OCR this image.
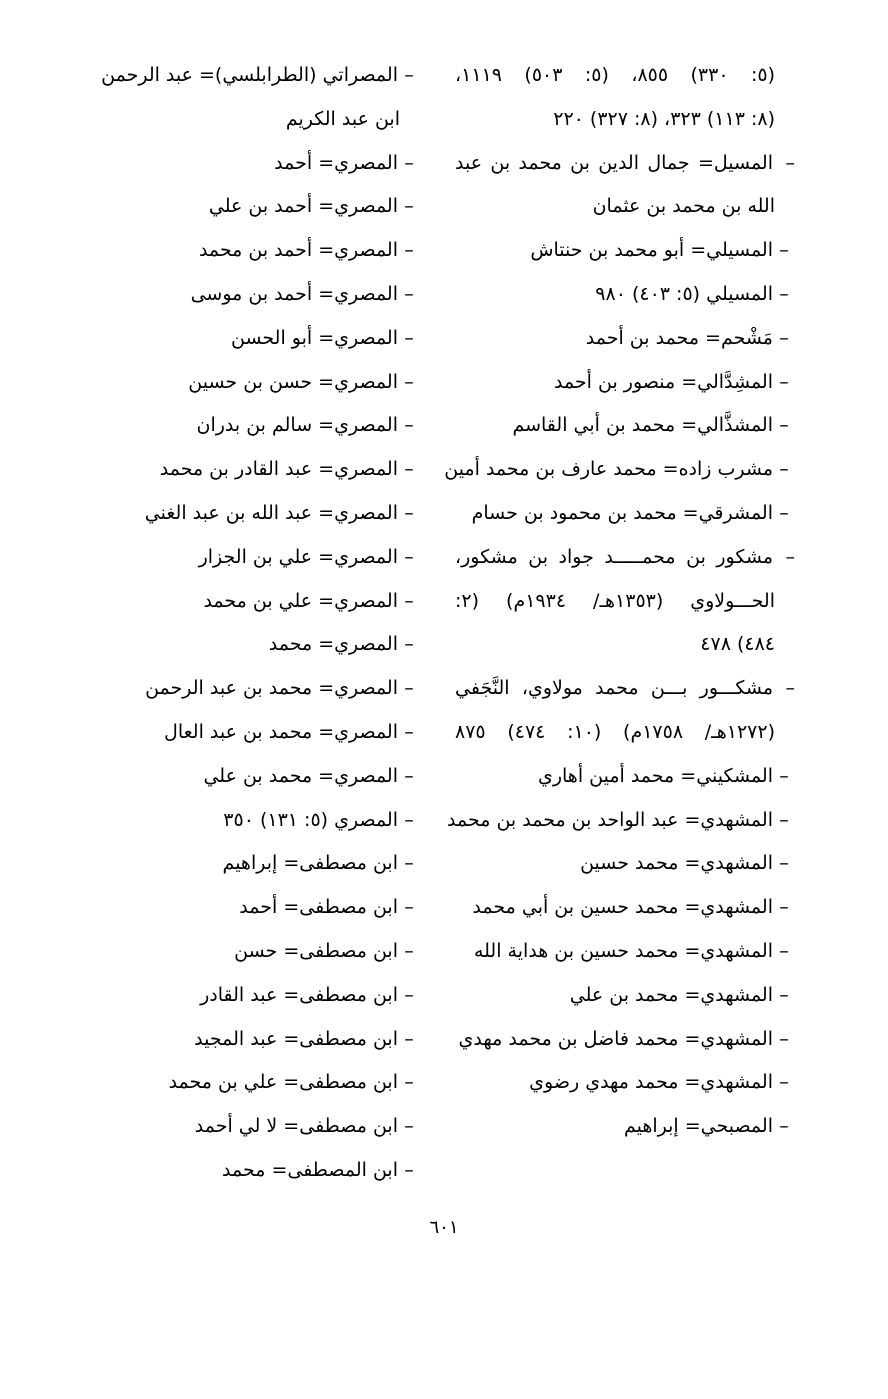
(٥: ٣٣٠) ٨٥٥، (٥: ٥٠٣) ١١١٩،
(٨: ١١٣) ٣٢٣، (٨: ٣٢٧) ٢٢٠
–المسيل= جمال الدين بن محمد بن عبد
الله بن محمد بن عثمان
–المسيلي= أبو محمد بن حنتاش
–المسيلي (٥: ٤٠٣) ٩٨٠
–مَشْحم= محمد بن أحمد
–المشِدَّالي= منصور بن أحمد
–المشذَّالي= محمد بن أبي القاسم
–مشرب زاده= محمد عارف بن محمد أمين
–المشرقي= محمد بن محمود بن حسام
–مشكور بن محمـــــد جواد بن مشكور،
الحـــولاوي (١٣٥٣هـ/ ١٩٣٤م) (٢:
٤٨٤) ٤٧٨
–مشكـــور بـــن محمد مولاوي، النَّجَفي
(١٢٧٢هـ/ ١٧٥٨م) (١٠: ٤٧٤) ٨٧٥
–المشكيني= محمد أمين أهاري
–المشهدي= عبد الواحد بن محمد بن محمد
–المشهدي= محمد حسين
–المشهدي= محمد حسين بن أبي محمد
–المشهدي= محمد حسين بن هداية الله
–المشهدي= محمد بن علي
–المشهدي= محمد فاضل بن محمد مهدي
–المشهدي= محمد مهدي رضوي
–المصبحي= إبراهيم
–المصراتي (الطرابلسي)= عبد الرحمن
ابن عبد الكريم
–المصري= أحمد
–المصري= أحمد بن علي
–المصري= أحمد بن محمد
–المصري= أحمد بن موسى
–المصري= أبو الحسن
–المصري= حسن بن حسين
–المصري= سالم بن بدران
–المصري= عبد القادر بن محمد
–المصري= عبد الله بن عبد الغني
–المصري= علي بن الجزار
–المصري= علي بن محمد
–المصري= محمد
–المصري= محمد بن عبد الرحمن
–المصري= محمد بن عبد العال
–المصري= محمد بن علي
–المصري (٥: ١٣١) ٣٥٠
–ابن مصطفى= إبراهيم
–ابن مصطفى= أحمد
–ابن مصطفى= حسن
–ابن مصطفى= عبد القادر
–ابن مصطفى= عبد المجيد
–ابن مصطفى= علي بن محمد
–ابن مصطفى= لا لي أحمد
–ابن المصطفى= محمد
٦٠١
